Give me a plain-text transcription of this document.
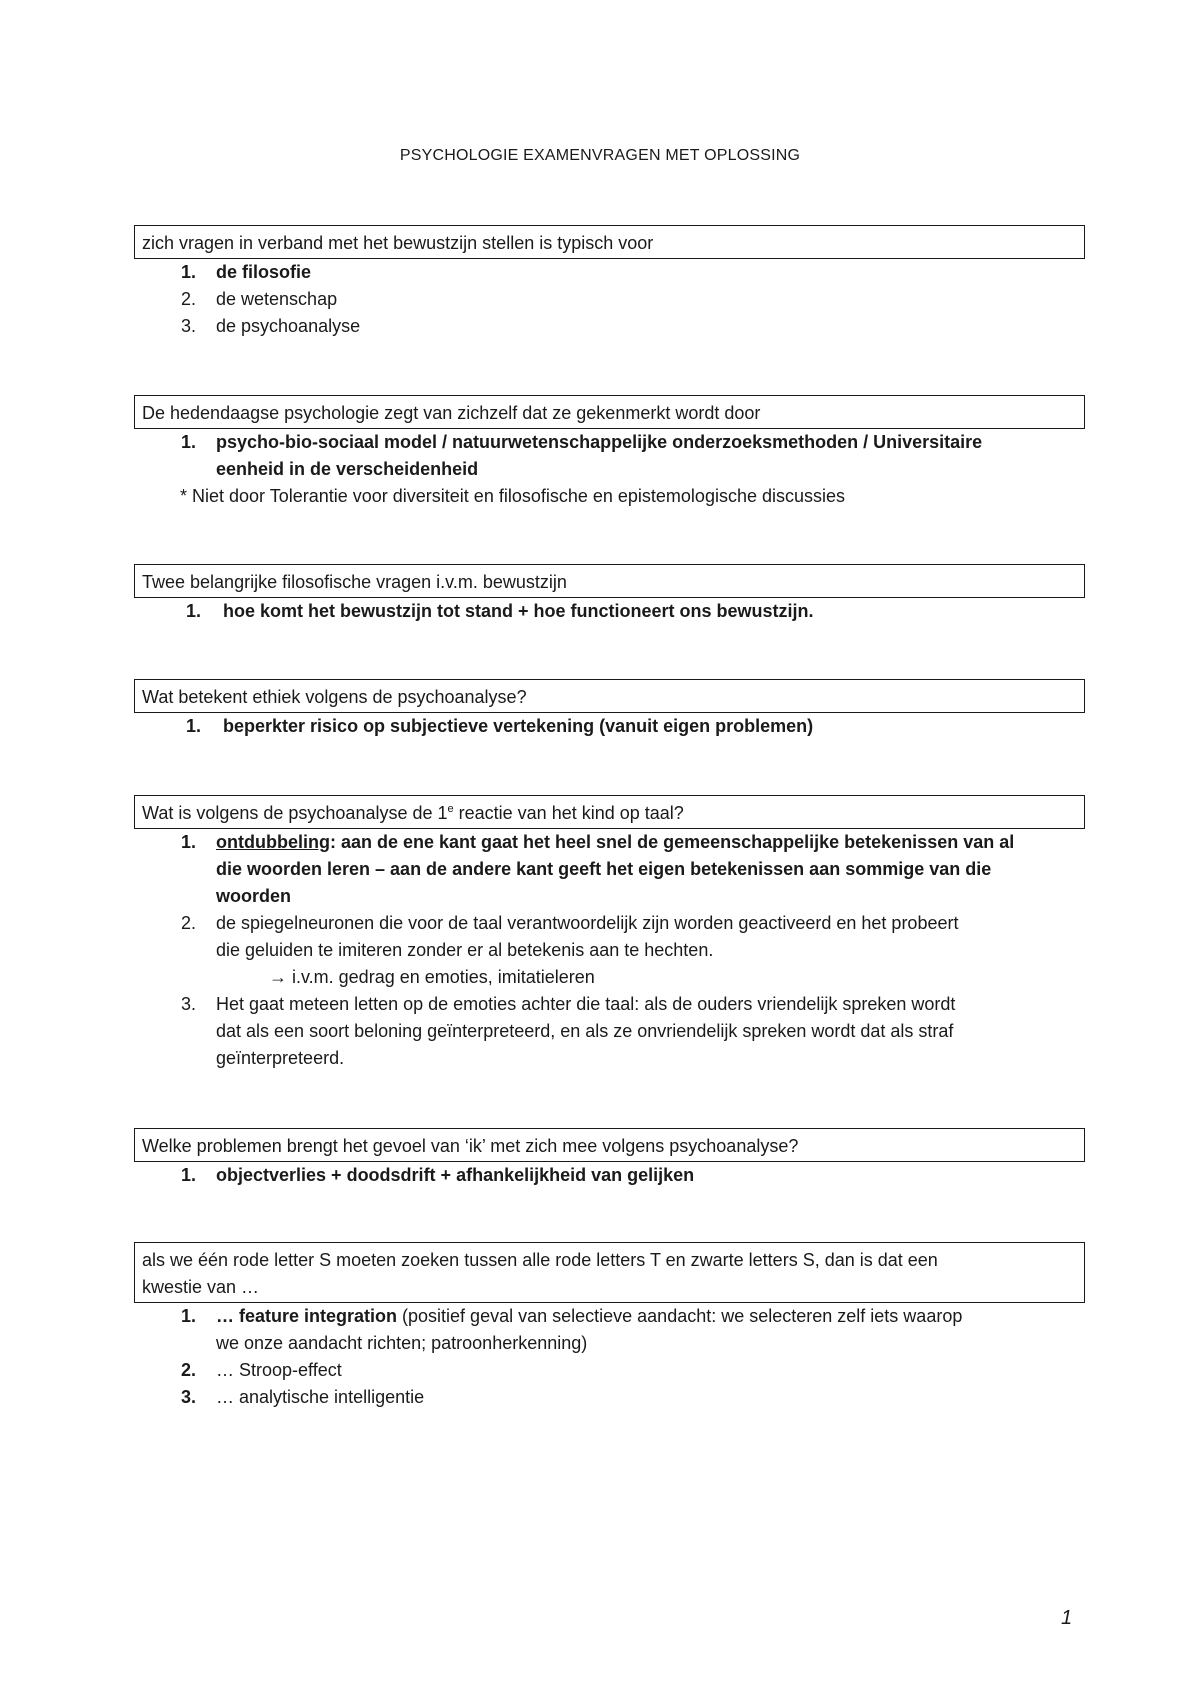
PSYCHOLOGIE EXAMENVRAGEN MET OPLOSSING
zich vragen in verband met het bewustzijn stellen is typisch voor
1. de filosofie
2. de wetenschap
3. de psychoanalyse
De hedendaagse psychologie zegt van zichzelf dat ze gekenmerkt wordt door
1. psycho-bio-sociaal model / natuurwetenschappelijke onderzoeksmethoden / Universitaire
eenheid in de verscheidenheid
* Niet door Tolerantie voor diversiteit en filosofische en epistemologische discussies
Twee belangrijke filosofische vragen i.v.m. bewustzijn
1. hoe komt het bewustzijn tot stand + hoe functioneert ons bewustzijn.
Wat betekent ethiek volgens de psychoanalyse?
1. beperkter risico op subjectieve vertekening (vanuit eigen problemen)
Wat is volgens de psychoanalyse de 1e reactie van het kind op taal?
1. ontdubbeling: aan de ene kant gaat het heel snel de gemeenschappelijke betekenissen van al
die woorden leren – aan de andere kant geeft het eigen betekenissen aan sommige van die
woorden
2. de spiegelneuronen die voor de taal verantwoordelijk zijn worden geactiveerd en het probeert
die geluiden te imiteren zonder er al betekenis aan te hechten.
→ i.v.m. gedrag en emoties, imitatieleren
3. Het gaat meteen letten op de emoties achter die taal: als de ouders vriendelijk spreken wordt
dat als een soort beloning geïnterpreteerd, en als ze onvriendelijk spreken wordt dat als straf
geïnterpreteerd.
Welke problemen brengt het gevoel van ‘ik’ met zich mee volgens psychoanalyse?
1. objectverlies + doodsdrift + afhankelijkheid van gelijken
als we één rode letter S moeten zoeken tussen alle rode letters T en zwarte letters S, dan is dat een
kwestie van …
1. … feature integration (positief geval van selectieve aandacht: we selecteren zelf iets waarop
we onze aandacht richten; patroonherkenning)
2. … Stroop-effect
3. … analytische intelligentie
1
